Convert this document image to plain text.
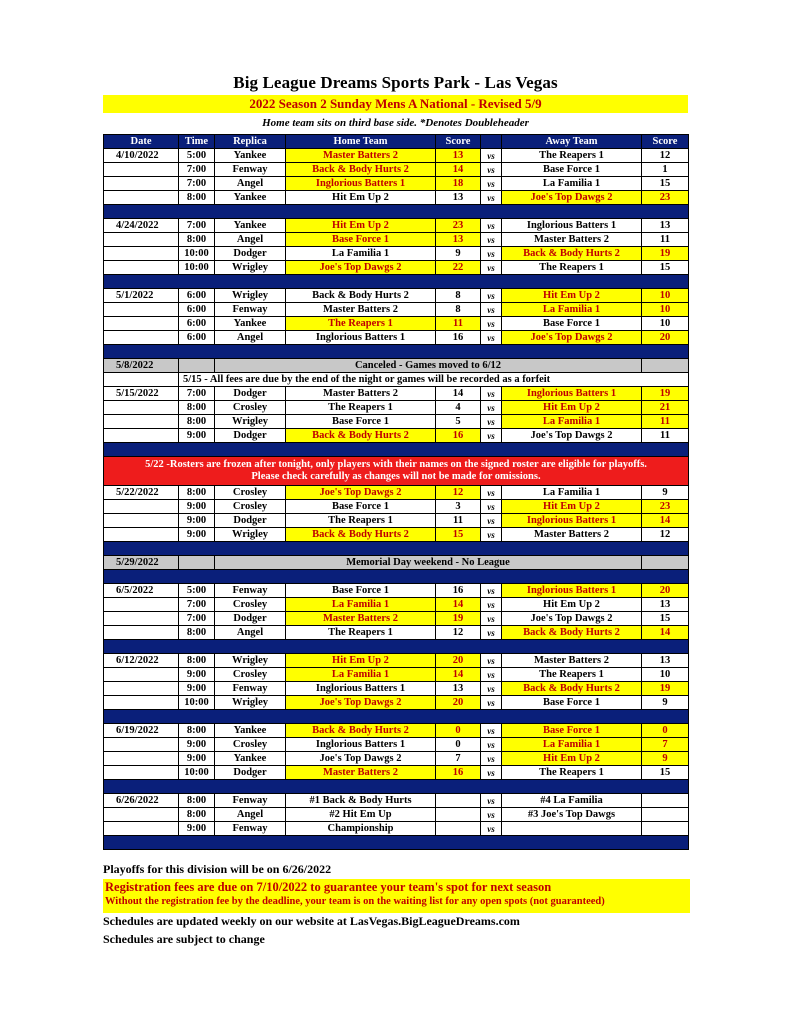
Big League Dreams Sports Park - Las Vegas
2022 Season 2 Sunday Mens A National - Revised 5/9
Home team sits on third base side. *Denotes Doubleheader
Date	Time	Replica	Home Team	Score		Away Team	Score
4/10/2022	5:00	Yankee	Master Batters 2	13	vs	The Reapers 1	12
	7:00	Fenway	Back & Body Hurts 2	14	vs	Base Force 1	1
	7:00	Angel	Inglorious Batters 1	18	vs	La Familia 1	15
	8:00	Yankee	Hit Em Up 2	13	vs	Joe's Top Dawgs 2	23

4/24/2022	7:00	Yankee	Hit Em Up 2	23	vs	Inglorious Batters 1	13
	8:00	Angel	Base Force 1	13	vs	Master Batters 2	11
	10:00	Dodger	La Familia 1	9	vs	Back & Body Hurts 2	19
	10:00	Wrigley	Joe's Top Dawgs 2	22	vs	The Reapers 1	15

5/1/2022	6:00	Wrigley	Back & Body Hurts 2	8	vs	Hit Em Up 2	10
	6:00	Fenway	Master Batters 2	8	vs	La Familia 1	10
	6:00	Yankee	The Reapers 1	11	vs	Base Force 1	10
	6:00	Angel	Inglorious Batters 1	16	vs	Joe's Top Dawgs 2	20

5/8/2022		Canceled - Games moved to 6/12					
	5/15 - All fees are due by the end of the night or games will be recorded as a forfeit						
5/15/2022	7:00	Dodger	Master Batters 2	14	vs	Inglorious Batters 1	19
	8:00	Crosley	The Reapers 1	4	vs	Hit Em Up 2	21
	8:00	Wrigley	Base Force 1	5	vs	La Familia 1	11
	9:00	Dodger	Back & Body Hurts 2	16	vs	Joe's Top Dawgs 2	11

5/22 -Rosters are frozen after tonight, only players with their names on the signed roster are eligible for playoffs.
Please check carefully as changes will not be made for omissions.							

5/22/2022	8:00	Crosley	Joe's Top Dawgs 2	12	vs	La Familia 1	9
	9:00	Crosley	Base Force 1	3	vs	Hit Em Up 2	23
	9:00	Dodger	The Reapers 1	11	vs	Inglorious Batters 1	14
	9:00	Wrigley	Back & Body Hurts 2	15	vs	Master Batters 2	12

5/29/2022		Memorial Day weekend - No League					

6/5/2022	5:00	Fenway	Base Force 1	16	vs	Inglorious Batters 1	20
	7:00	Crosley	La Familia 1	14	vs	Hit Em Up 2	13
	7:00	Dodger	Master Batters 2	19	vs	Joe's Top Dawgs 2	15
	8:00	Angel	The Reapers 1	12	vs	Back & Body Hurts 2	14

6/12/2022	8:00	Wrigley	Hit Em Up 2	20	vs	Master Batters 2	13
	9:00	Crosley	La Familia 1	14	vs	The Reapers 1	10
	9:00	Fenway	Inglorious Batters 1	13	vs	Back & Body Hurts 2	19
	10:00	Wrigley	Joe's Top Dawgs 2	20	vs	Base Force 1	9

6/19/2022	8:00	Yankee	Back & Body Hurts 2	0	vs	Base Force 1	0
	9:00	Crosley	Inglorious Batters 1	0	vs	La Familia 1	7
	9:00	Yankee	Joe's Top Dawgs 2	7	vs	Hit Em Up 2	9
	10:00	Dodger	Master Batters 2	16	vs	The Reapers 1	15

6/26/2022	8:00	Fenway	#1 Back & Body Hurts		vs	#4 La Familia	
	8:00	Angel	#2 Hit Em Up		vs	#3 Joe's Top Dawgs	
	9:00	Fenway	Championship		vs		

Playoffs for this division will be on 6/26/2022
Registration fees are due on 7/10/2022 to guarantee your team's spot for next season
Without the registration fee by the deadline, your team is on the waiting list for any open spots (not guaranteed)
Schedules are updated weekly on our website at LasVegas.BigLeagueDreams.com
Schedules are subject to change
